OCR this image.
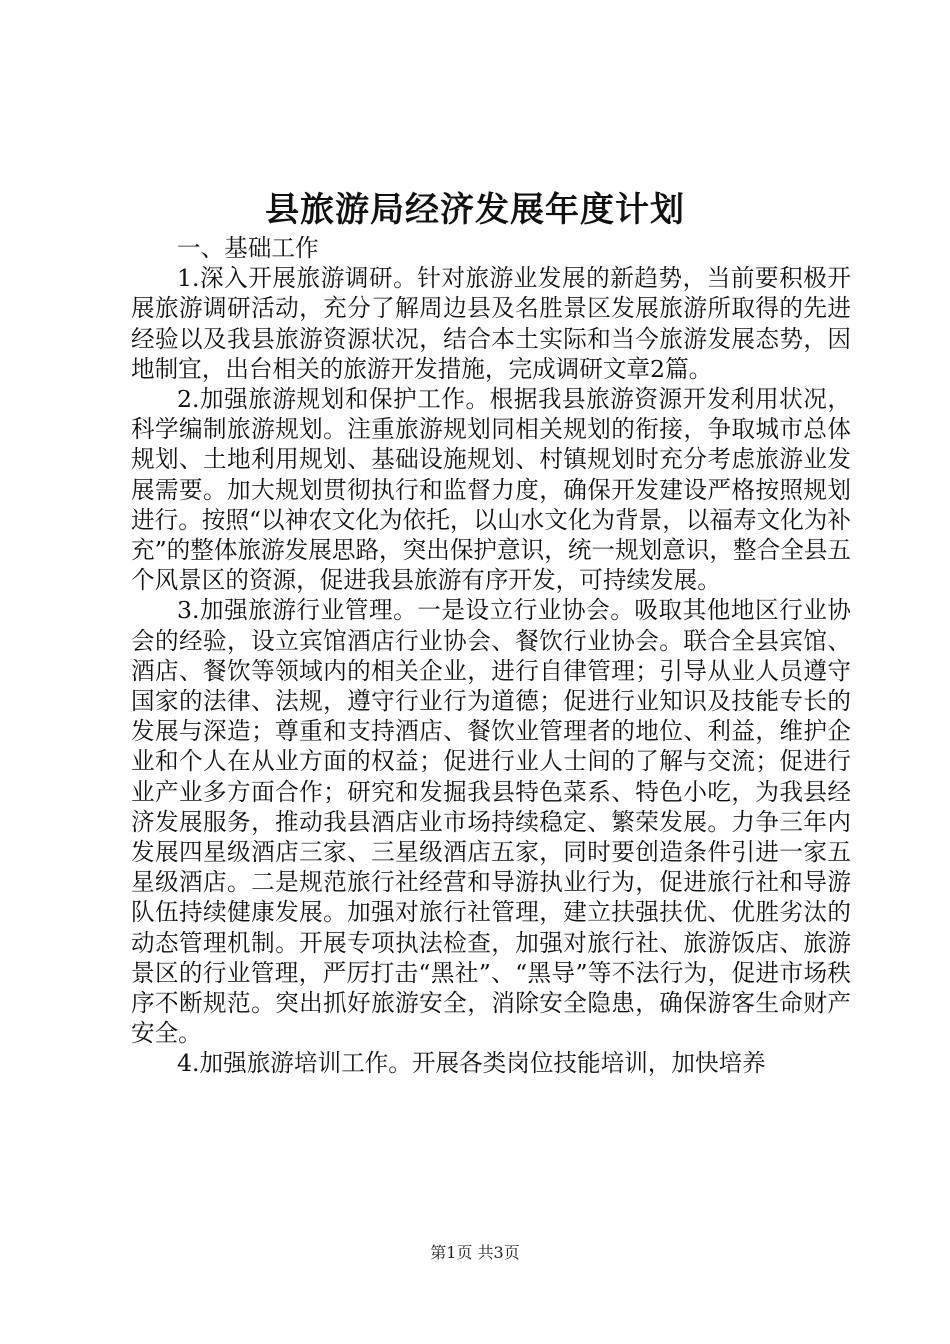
县旅游局经济发展年度计划

一、基础工作

1.深入开展旅游调研。针对旅游业发展的新趋势，当前要积极开展旅游调研活动，充分了解周边县及名胜景区发展旅游所取得的先进经验以及我县旅游资源状况，结合本土实际和当今旅游发展态势，因地制宜，出台相关的旅游开发措施，完成调研文章2篇。

2.加强旅游规划和保护工作。根据我县旅游资源开发利用状况，科学编制旅游规划。注重旅游规划同相关规划的衔接，争取城市总体规划、土地利用规划、基础设施规划、村镇规划时充分考虑旅游业发展需要。加大规划贯彻执行和监督力度，确保开发建设严格按照规划进行。按照“以神农文化为依托，以山水文化为背景，以福寿文化为补充”的整体旅游发展思路，突出保护意识，统一规划意识，整合全县五个风景区的资源，促进我县旅游有序开发，可持续发展。

3.加强旅游行业管理。一是设立行业协会。吸取其他地区行业协会的经验，设立宾馆酒店行业协会、餐饮行业协会。联合全县宾馆、酒店、餐饮等领域内的相关企业，进行自律管理；引导从业人员遵守国家的法律、法规，遵守行业行为道德；促进行业知识及技能专长的发展与深造；尊重和支持酒店、餐饮业管理者的地位、利益，维护企业和个人在从业方面的权益；促进行业人士间的了解与交流；促进行业产业多方面合作；研究和发掘我县特色菜系、特色小吃，为我县经济发展服务，推动我县酒店业市场持续稳定、繁荣发展。力争三年内发展四星级酒店三家、三星级酒店五家，同时要创造条件引进一家五星级酒店。二是规范旅行社经营和导游执业行为，促进旅行社和导游队伍持续健康发展。加强对旅行社管理，建立扶强扶优、优胜劣汰的动态管理机制。开展专项执法检查，加强对旅行社、旅游饭店、旅游景区的行业管理，严厉打击“黑社”、“黑导”等不法行为，促进市场秩序不断规范。突出抓好旅游安全，消除安全隐患，确保游客生命财产安全。

4.加强旅游培训工作。开展各类岗位技能培训，加快培养

第1页 共3页
